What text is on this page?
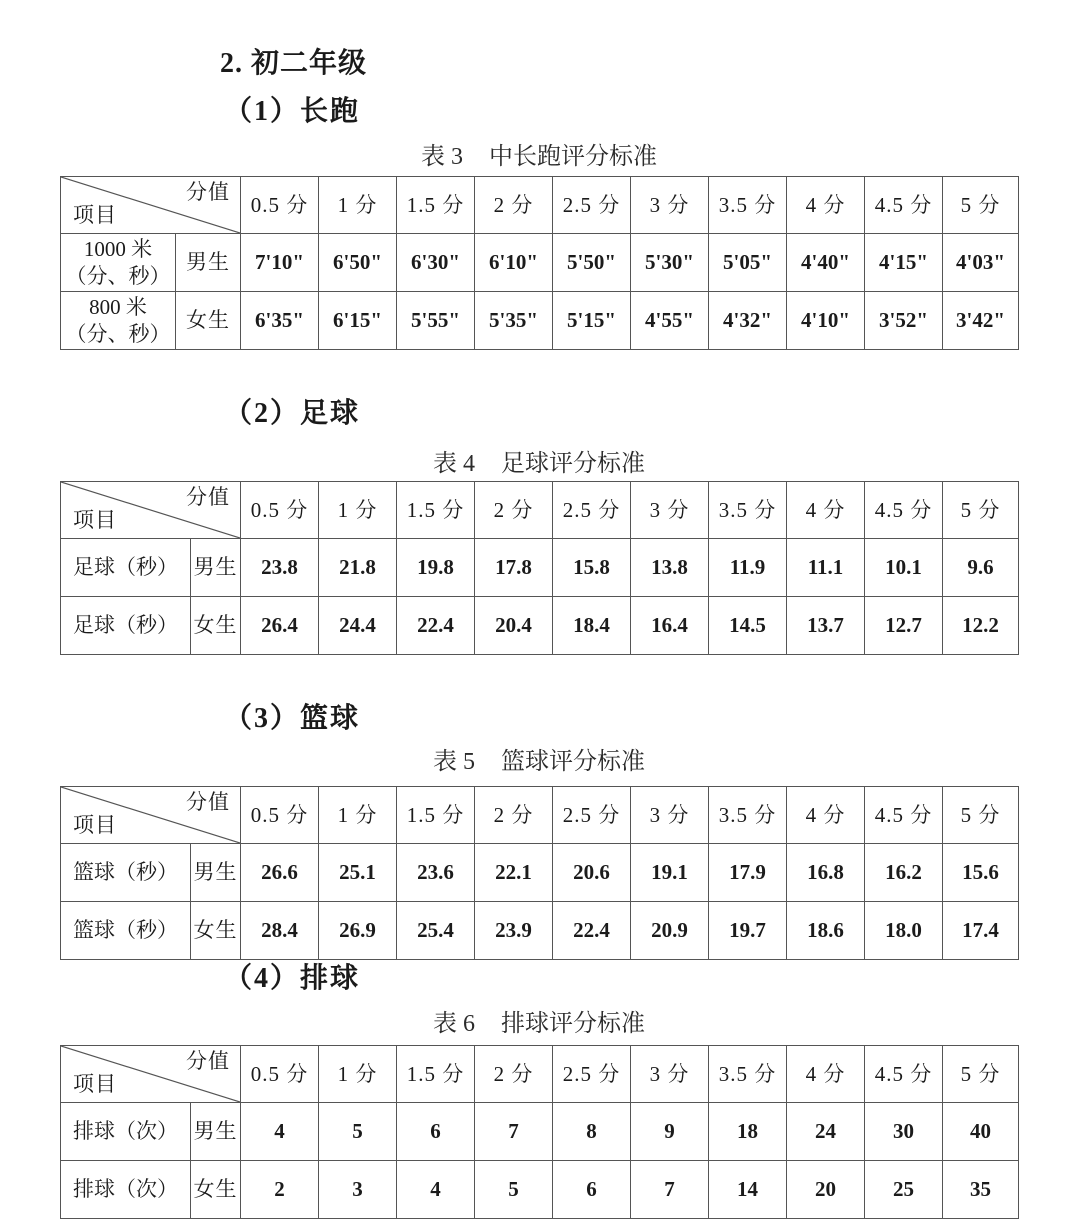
2. 初二年级
（1）长跑
表 3 中长跑评分标准
分值
项目		0.5 分	1 分	1.5 分	2 分	2.5 分	3 分	3.5 分	4 分	4.5 分	5 分

1000 米
（分、秒）	男生	7'10"	6'50"	6'30"	6'10"	5'50"	5'30"	5'05"	4'40"	4'15"	4'03"

800 米
（分、秒）	女生	6'35"	6'15"	5'55"	5'35"	5'15"	4'55"	4'32"	4'10"	3'52"	3'42"
（2）足球
表 4 足球评分标准
分值
项目		0.5 分	1 分	1.5 分	2 分	2.5 分	3 分	3.5 分	4 分	4.5 分	5 分
足球（秒）	男生	23.8	21.8	19.8	17.8	15.8	13.8	11.9	11.1	10.1	9.6
足球（秒）	女生	26.4	24.4	22.4	20.4	18.4	16.4	14.5	13.7	12.7	12.2
（3）篮球
表 5 篮球评分标准
分值
项目		0.5 分	1 分	1.5 分	2 分	2.5 分	3 分	3.5 分	4 分	4.5 分	5 分
篮球（秒）	男生	26.6	25.1	23.6	22.1	20.6	19.1	17.9	16.8	16.2	15.6
篮球（秒）	女生	28.4	26.9	25.4	23.9	22.4	20.9	19.7	18.6	18.0	17.4
（4）排球
表 6 排球评分标准
分值
项目		0.5 分	1 分	1.5 分	2 分	2.5 分	3 分	3.5 分	4 分	4.5 分	5 分
排球（次）	男生	4	5	6	7	8	9	18	24	30	40
排球（次）	女生	2	3	4	5	6	7	14	20	25	35
